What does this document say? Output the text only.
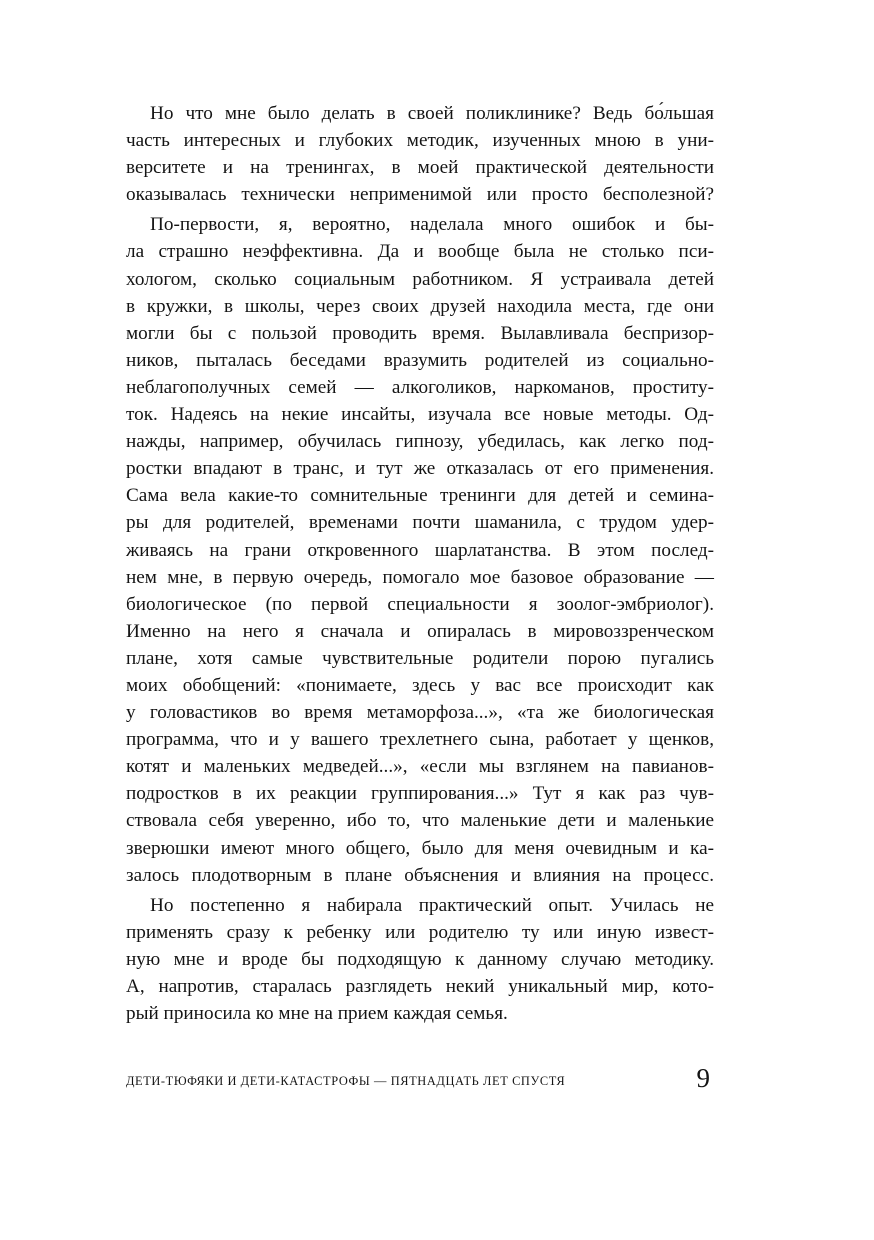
Но что мне было делать в своей поликлинике? Ведь бо́льшая
часть интересных и глубоких методик, изученных мною в уни-
верситете и на тренингах, в моей практической деятельности
оказывалась технически неприменимой или просто бесполезной?
По-первости, я, вероятно, наделала много ошибок и бы-
ла страшно неэффективна. Да и вообще была не столько пси-
хологом, сколько социальным работником. Я устраивала детей
в кружки, в школы, через своих друзей находила места, где они
могли бы с пользой проводить время. Вылавливала беспризор-
ников, пыталась беседами вразумить родителей из социально-
неблагополучных семей — алкоголиков, наркоманов, проститу-
ток. Надеясь на некие инсайты, изучала все новые методы. Од-
нажды, например, обучилась гипнозу, убедилась, как легко под-
ростки впадают в транс, и тут же отказалась от его применения.
Сама вела какие-то сомнительные тренинги для детей и семина-
ры для родителей, временами почти шаманила, с трудом удер-
живаясь на грани откровенного шарлатанства. В этом послед-
нем мне, в первую очередь, помогало мое базовое образование —
биологическое (по первой специальности я зоолог-эмбриолог).
Именно на него я сначала и опиралась в мировоззренческом
плане, хотя самые чувствительные родители порою пугались
моих обобщений: «понимаете, здесь у вас все происходит как
у головастиков во время метаморфоза...», «та же биологическая
программа, что и у вашего трехлетнего сына, работает у щенков,
котят и маленьких медведей...», «если мы взглянем на павианов-
подростков в их реакции группирования...» Тут я как раз чув-
ствовала себя уверенно, ибо то, что маленькие дети и маленькие
зверюшки имеют много общего, было для меня очевидным и ка-
залось плодотворным в плане объяснения и влияния на процесс.
Но постепенно я набирала практический опыт. Училась не
применять сразу к ребенку или родителю ту или иную извест-
ную мне и вроде бы подходящую к данному случаю методику.
А, напротив, старалась разглядеть некий уникальный мир, кото-
рый приносила ко мне на прием каждая семья.
ДЕТИ-ТЮФЯКИ И ДЕТИ-КАТАСТРОФЫ — ПЯТНАДЦАТЬ ЛЕТ СПУСТЯ	9
